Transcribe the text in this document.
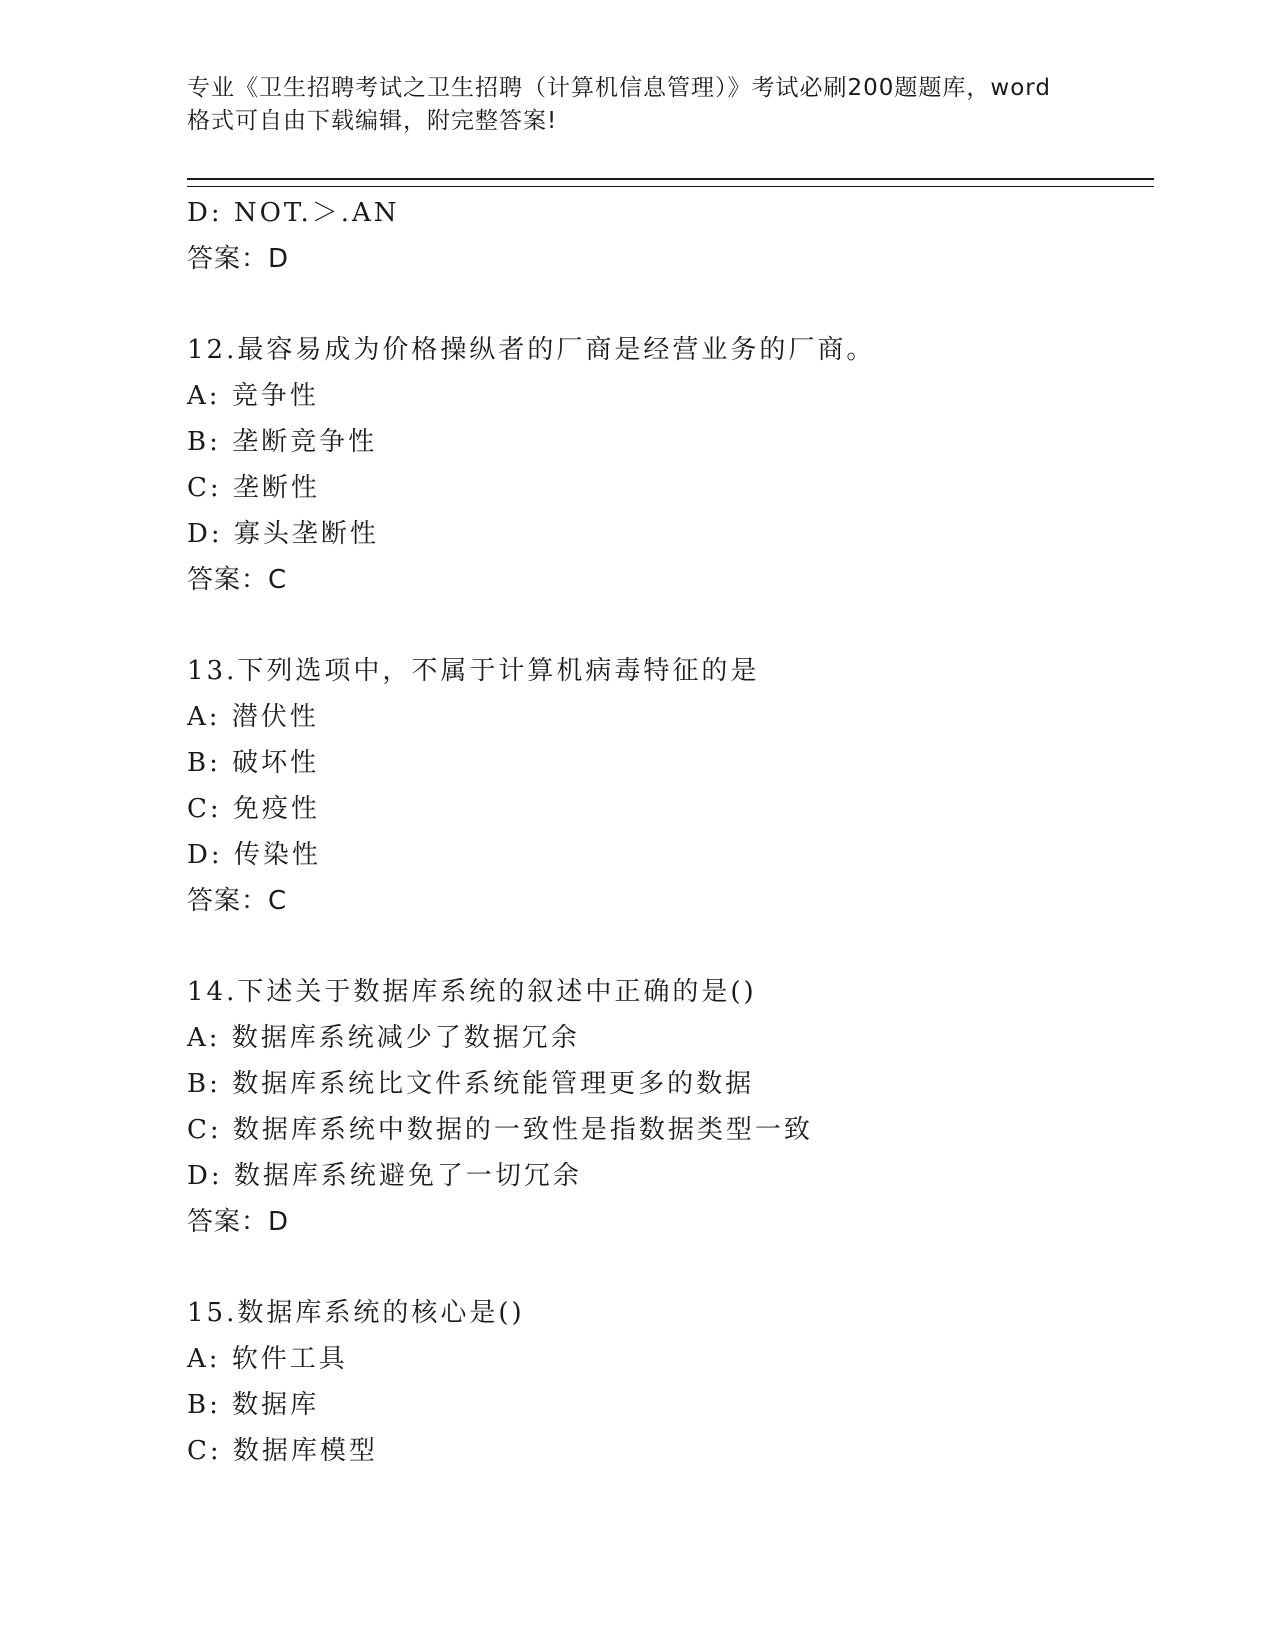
专业《卫生招聘考试之卫生招聘（计算机信息管理）》考试必刷200题题库，word
格式可自由下载编辑，附完整答案!
D: NOT.＞.AN
答案：D
12.最容易成为价格操纵者的厂商是经营业务的厂商。
A: 竞争性
B: 垄断竞争性
C: 垄断性
D: 寡头垄断性
答案：C
13.下列选项中，不属于计算机病毒特征的是
A: 潜伏性
B: 破坏性
C: 免疫性
D: 传染性
答案：C
14.下述关于数据库系统的叙述中正确的是()
A: 数据库系统减少了数据冗余
B: 数据库系统比文件系统能管理更多的数据
C: 数据库系统中数据的一致性是指数据类型一致
D: 数据库系统避免了一切冗余
答案：D
15.数据库系统的核心是()
A: 软件工具
B: 数据库
C: 数据库模型
